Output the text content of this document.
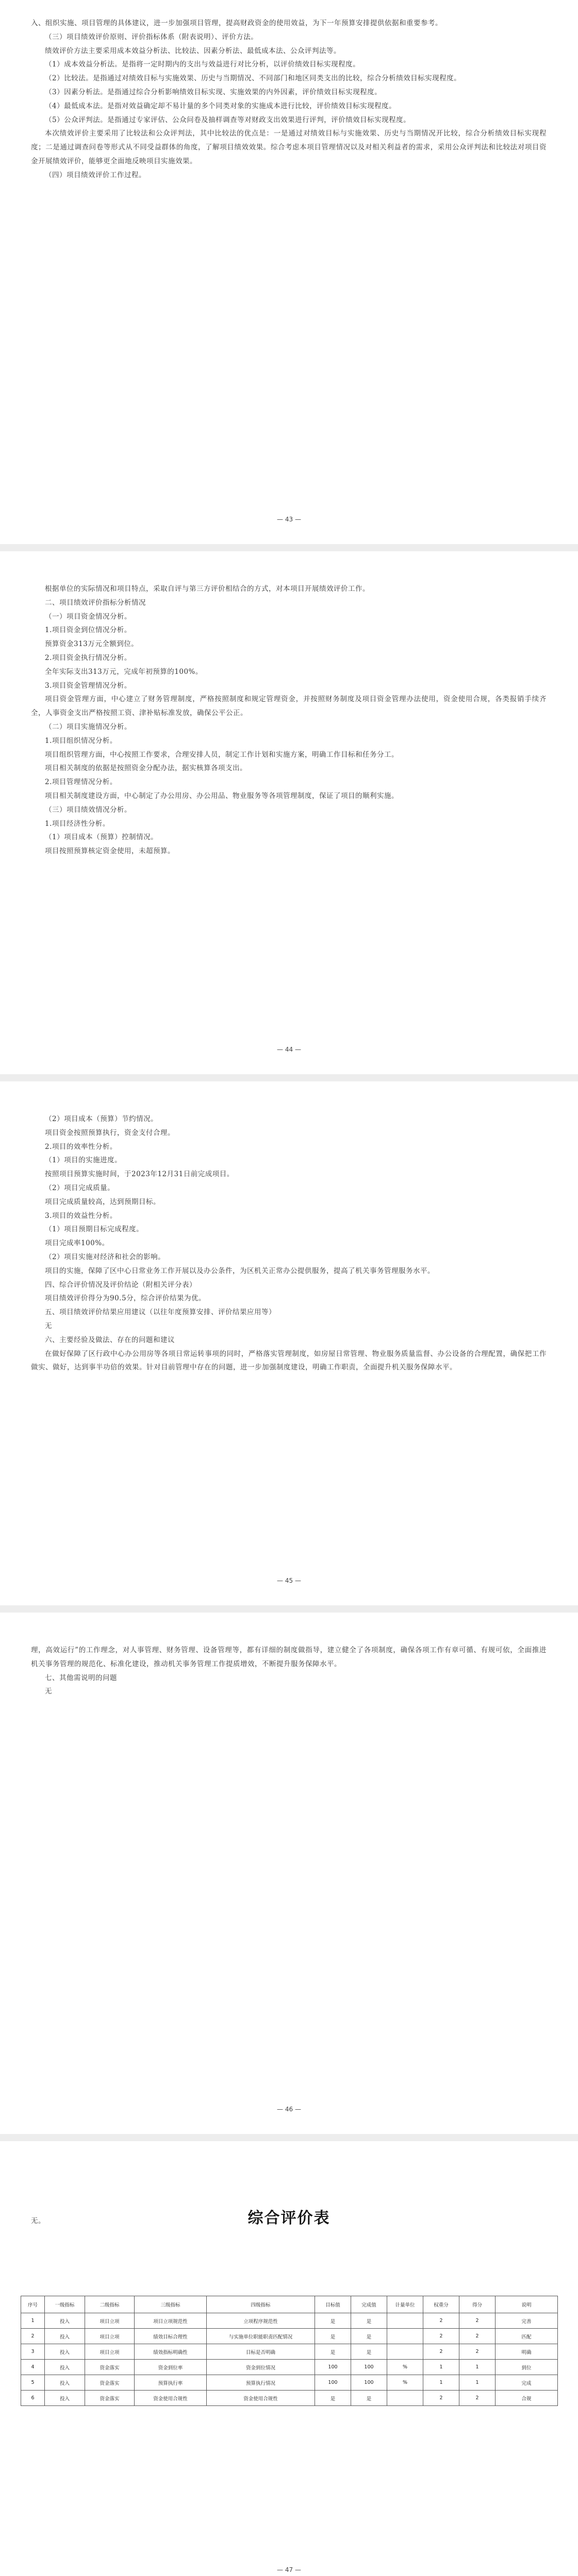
入、组织实施、项目管理的具体建议，进一步加强项目管理，提高财政资金的使用效益，为下一年预算安排提供依据和重要参考。

（三）项目绩效评价原则、评价指标体系（附表说明）、评价方法。

绩效评价方法主要采用成本效益分析法、比较法、因素分析法、最低成本法、公众评判法等。

（1）成本效益分析法。是指将一定时期内的支出与效益进行对比分析，以评价绩效目标实现程度。

（2）比较法。是指通过对绩效目标与实施效果、历史与当期情况、不同部门和地区同类支出的比较，综合分析绩效目标实现程度。

（3）因素分析法。是指通过综合分析影响绩效目标实现、实施效果的内外因素，评价绩效目标实现程度。

（4）最低成本法。是指对效益确定却不易计量的多个同类对象的实施成本进行比较，评价绩效目标实现程度。

（5）公众评判法。是指通过专家评估、公众问卷及抽样调查等对财政支出效果进行评判，评价绩效目标实现程度。

本次绩效评价主要采用了比较法和公众评判法，其中比较法的优点是：一是通过对绩效目标与实施效果、历史与当期情况开比较，综合分析绩效目标实现程度；二是通过调查问卷等形式从不同受益群体的角度，了解项目绩效效果。综合考虑本项目管理情况以及对相关利益者的需求，采用公众评判法和比较法对项目资金开展绩效评价，能够更全面地反映项目实施效果。

（四）项目绩效评价工作过程。

— 43 —

根据单位的实际情况和项目特点，采取自评与第三方评价相结合的方式，对本项目开展绩效评价工作。

二、项目绩效评价指标分析情况

（一）项目资金情况分析。

1.项目资金到位情况分析。

预算资金313万元全额到位。

2.项目资金执行情况分析。

全年实际支出313万元，完成年初预算的100%。

3.项目资金管理情况分析。

项目资金管理方面，中心建立了财务管理制度，严格按照制度和规定管理资金，并按照财务制度及项目资金管理办法使用，资金使用合规，各类报销手续齐全，人事资金支出严格按照工资、津补贴标准发放，确保公平公正。

（二）项目实施情况分析。

1.项目组织情况分析。

项目组织管理方面，中心按照工作要求，合理安排人员，制定工作计划和实施方案，明确工作目标和任务分工。

项目相关制度的依据是按照资金分配办法，据实核算各项支出。

2.项目管理情况分析。

项目相关制度建设方面，中心制定了办公用房、办公用品、物业服务等各项管理制度，保证了项目的顺利实施。

（三）项目绩效情况分析。

1.项目经济性分析。

（1）项目成本（预算）控制情况。

项目按照预算核定资金使用，未超预算。

— 44 —

（2）项目成本（预算）节约情况。

项目资金按照预算执行，资金支付合理。

2.项目的效率性分析。

（1）项目的实施进度。

按照项目预算实施时间，于2023年12月31日前完成项目。

（2）项目完成质量。

项目完成质量较高，达到预期目标。

3.项目的效益性分析。

（1）项目预期目标完成程度。

项目完成率100%。

（2）项目实施对经济和社会的影响。

项目的实施，保障了区中心日常业务工作开展以及办公条件，为区机关正常办公提供服务，提高了机关事务管理服务水平。

四、综合评价情况及评价结论（附相关评分表）

项目绩效评价得分为90.5分，综合评价结果为优。

五、项目绩效评价结果应用建议（以往年度预算安排、评价结果应用等）

无

六、主要经验及做法、存在的问题和建议

在做好保障了区行政中心办公用房等各项日常运转事项的同时，严格落实管理制度，如房屋日常管理、物业服务质量监督、办公设备的合理配置，确保把工作做实、做好，达到事半功倍的效果。针对目前管理中存在的问题，进一步加强制度建设，明确工作职责，全面提升机关服务保障水平。

— 45 —

理，高效运行”的工作理念，对人事管理、财务管理、设备管理等，都有详细的制度做指导，建立健全了各项制度，确保各项工作有章可循、有规可依，全面推进机关事务管理的规范化、标准化建设，推动机关事务管理工作提质增效，不断提升服务保障水平。

七、其他需说明的问题

无

— 46 —

无。	综合评价表
序号	一级指标	二级指标	三级指标	四级指标	目标值	完成值	计量单位	权重分	得分	说明
1	投入	项目立项	项目立项规范性	立项程序规范性	是	是		2	2	完善
2	投入	项目立项	绩效目标合理性	与实施单位职能职责匹配情况	是	是		2	2	匹配
3	投入	项目立项	绩效指标明确性	目标是否明确	是	是		2	2	明确
4	投入	资金落实	资金到位率	资金到位情况	100	100	%	1	1	到位
5	投入	资金落实	预算执行率	预算执行情况	100	100	%	1	1	完成
6	投入	资金落实	资金使用合规性	资金使用合规性	是	是		2	2	合规
— 47 —
